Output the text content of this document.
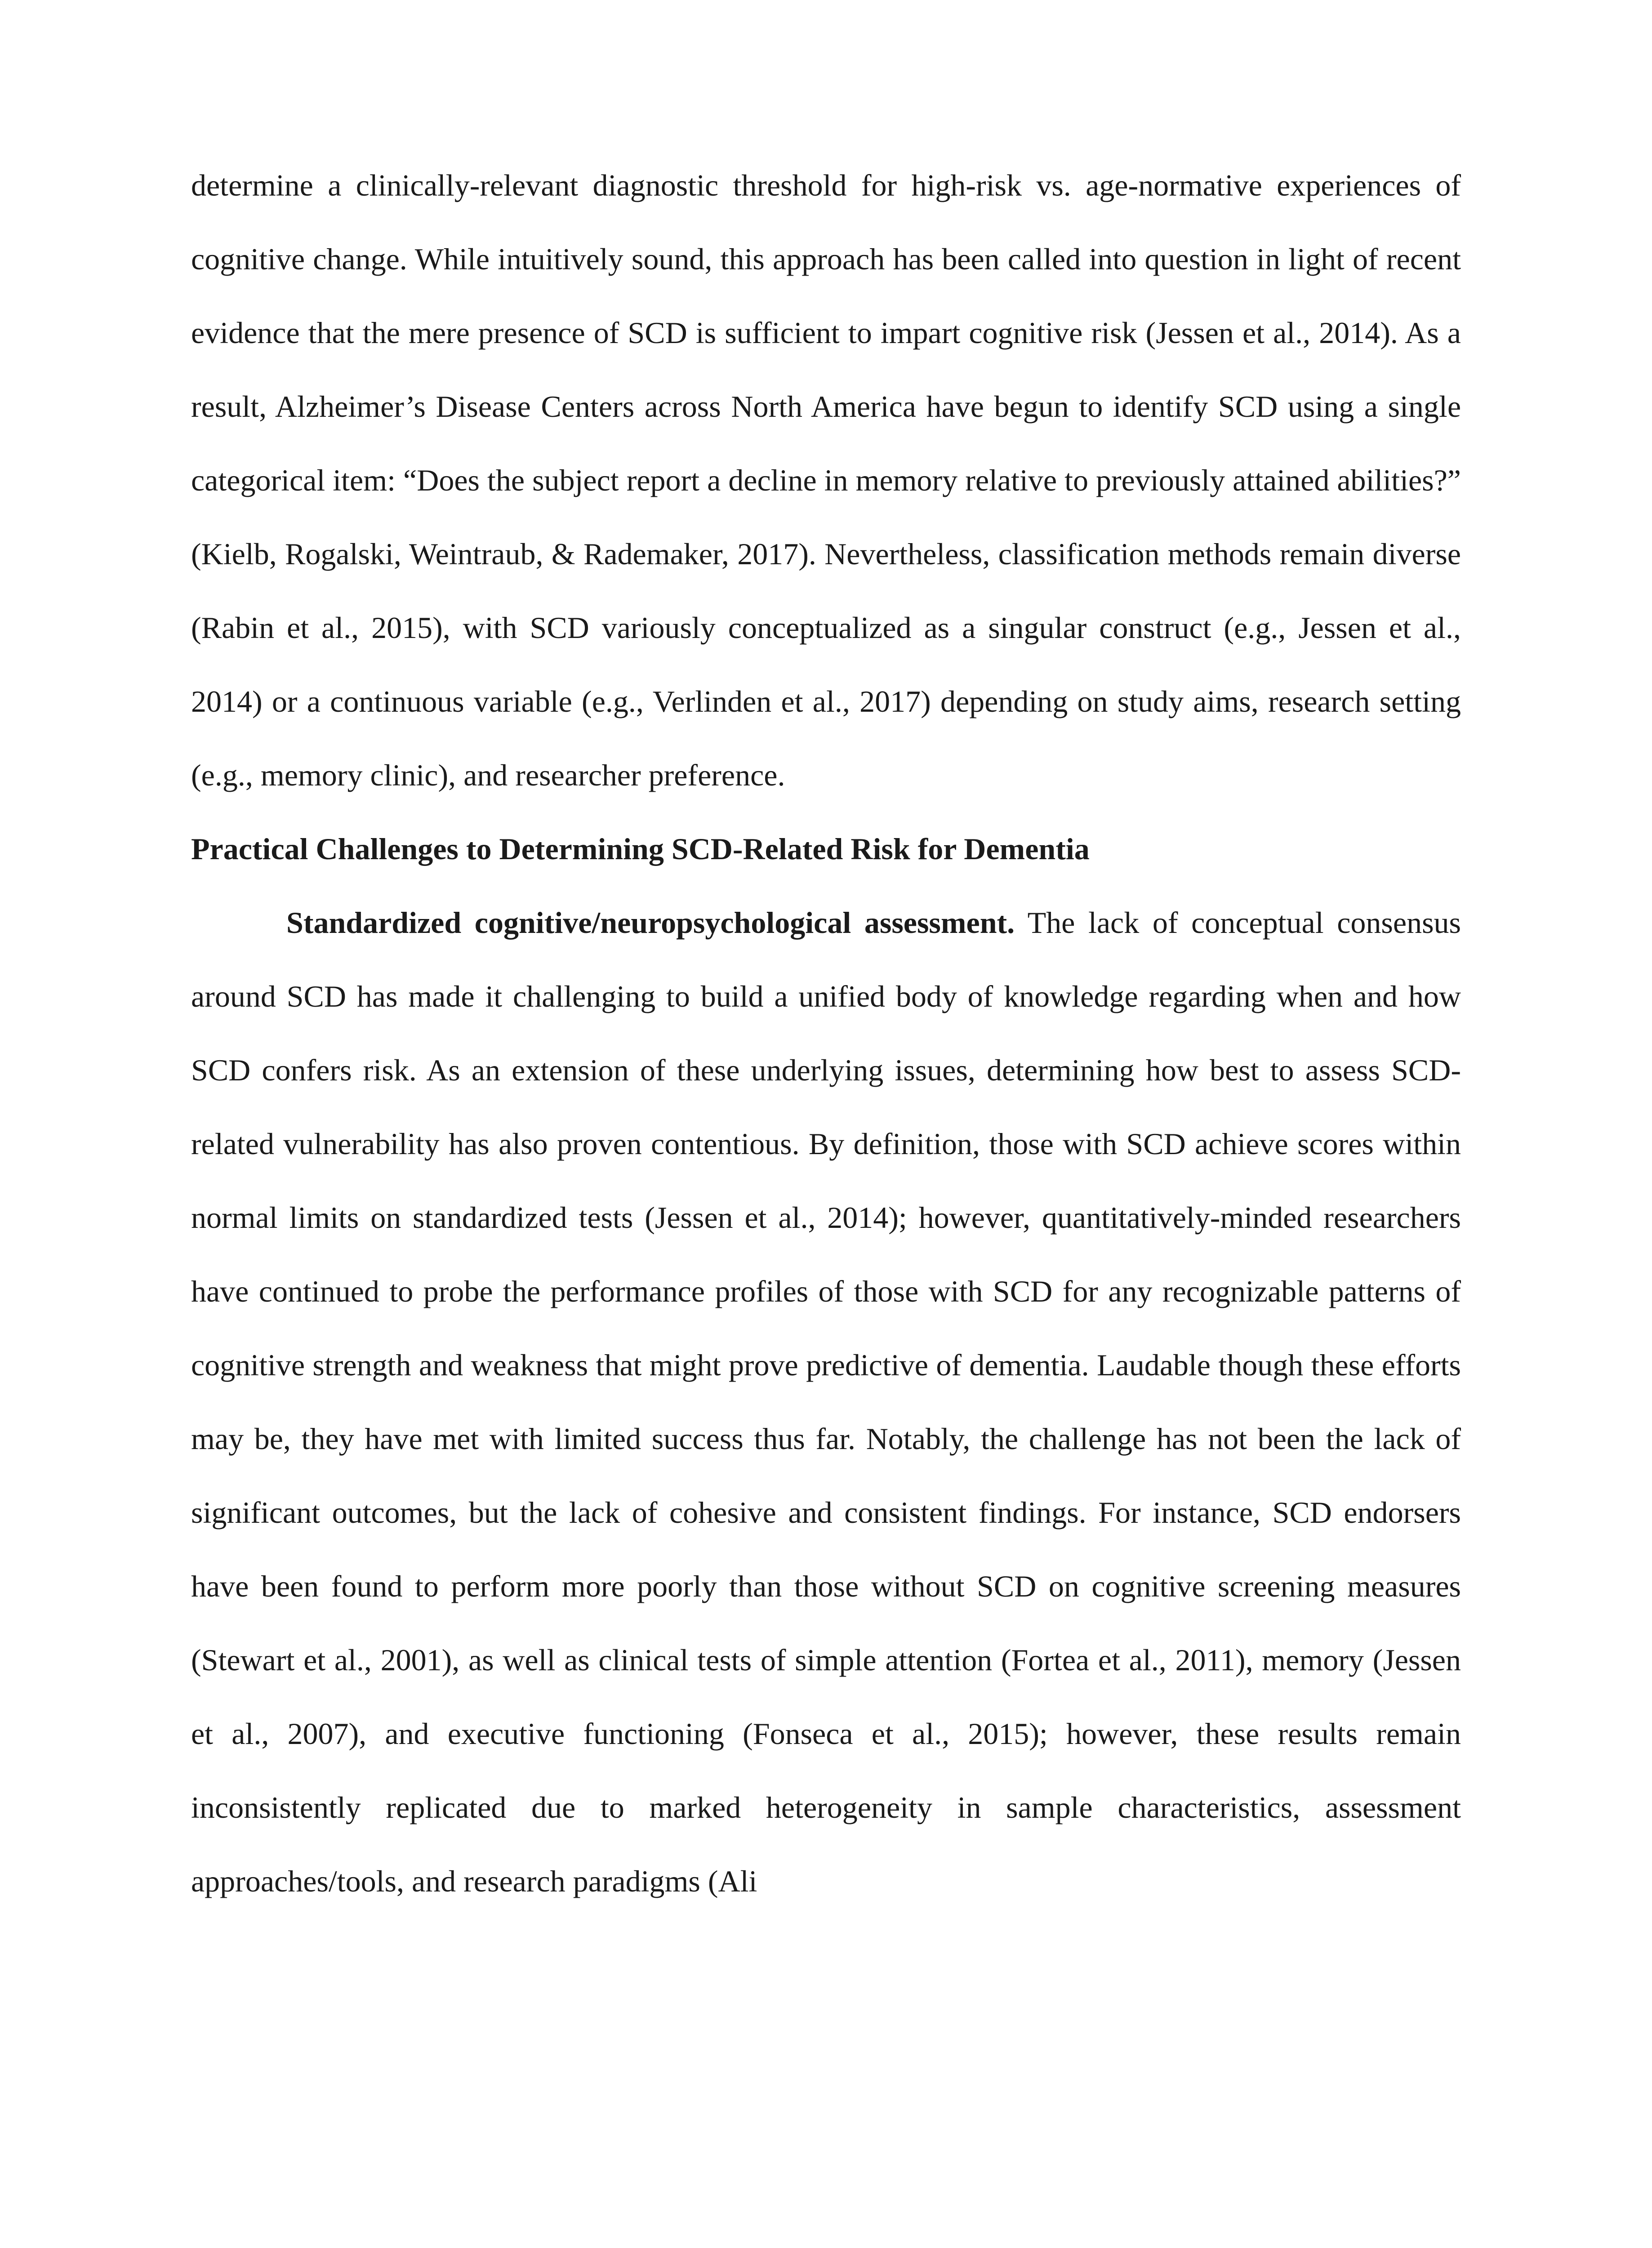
determine a clinically-relevant diagnostic threshold for high-risk vs. age-normative experiences of cognitive change. While intuitively sound, this approach has been called into question in light of recent evidence that the mere presence of SCD is sufficient to impart cognitive risk (Jessen et al., 2014). As a result, Alzheimer’s Disease Centers across North America have begun to identify SCD using a single categorical item: “Does the subject report a decline in memory relative to previously attained abilities?” (Kielb, Rogalski, Weintraub, & Rademaker, 2017). Nevertheless, classification methods remain diverse (Rabin et al., 2015), with SCD variously conceptualized as a singular construct (e.g., Jessen et al., 2014) or a continuous variable (e.g., Verlinden et al., 2017) depending on study aims, research setting (e.g., memory clinic), and researcher preference.

Practical Challenges to Determining SCD-Related Risk for Dementia

Standardized cognitive/neuropsychological assessment. The lack of conceptual consensus around SCD has made it challenging to build a unified body of knowledge regarding when and how SCD confers risk. As an extension of these underlying issues, determining how best to assess SCD-related vulnerability has also proven contentious. By definition, those with SCD achieve scores within normal limits on standardized tests (Jessen et al., 2014); however, quantitatively-minded researchers have continued to probe the performance profiles of those with SCD for any recognizable patterns of cognitive strength and weakness that might prove predictive of dementia. Laudable though these efforts may be, they have met with limited success thus far. Notably, the challenge has not been the lack of significant outcomes, but the lack of cohesive and consistent findings. For instance, SCD endorsers have been found to perform more poorly than those without SCD on cognitive screening measures (Stewart et al., 2001), as well as clinical tests of simple attention (Fortea et al., 2011), memory (Jessen et al., 2007), and executive functioning (Fonseca et al., 2015); however, these results remain inconsistently replicated due to marked heterogeneity in sample characteristics, assessment approaches/tools, and research paradigms (Ali
